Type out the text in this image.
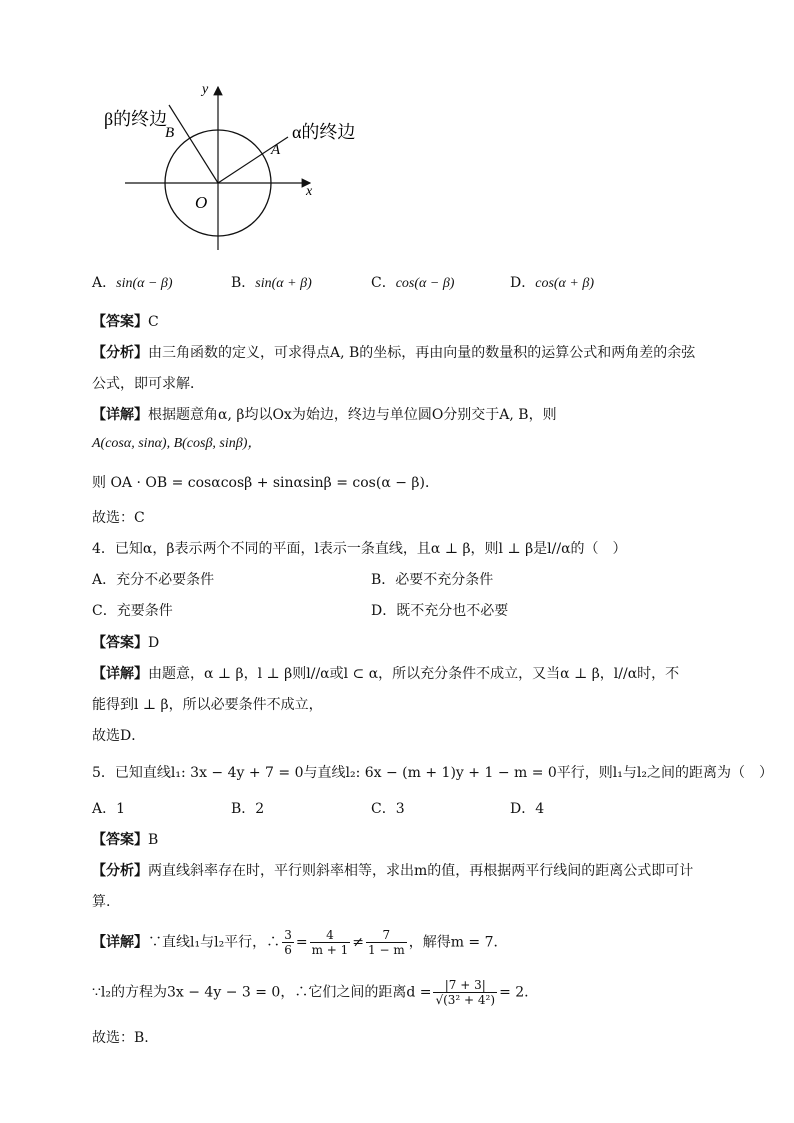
y
x
O
B
A
β的终边
α的终边
A．sin(α − β)	B．sin(α + β)	C．cos(α − β)	D．cos(α + β)
【答案】C
【分析】由三角函数的定义，可求得点A, B的坐标，再由向量的数量积的运算公式和两角差的余弦
公式，即可求解．
【详解】根据题意角α, β均以Ox为始边，终边与单位圆O分别交于A, B，则
A(cosα, sinα), B(cosβ, sinβ)，
则 OA · OB = cosαcosβ + sinαsinβ = cos(α − β)．
故选：C
4．已知α，β表示两个不同的平面，l表示一条直线，且α ⊥ β，则l ⊥ β是l//α的（　）
A．充分不必要条件	B．必要不充分条件
C．充要条件	D．既不充分也不必要
【答案】D
【详解】由题意，α ⊥ β，l ⊥ β则l//α或l ⊂ α，所以充分条件不成立，又当α ⊥ β，l//α时，不
能得到l ⊥ β，所以必要条件不成立，
故选D．
5．已知直线l₁: 3x − 4y + 7 = 0与直线l₂: 6x − (m + 1)y + 1 − m = 0平行，则l₁与l₂之间的距离为（　）
A．1	B．2	C．3	D．4
【答案】B
【分析】两直线斜率存在时，平行则斜率相等，求出m的值，再根据两平行线间的距离公式即可计
算.
【详解】∵直线l₁与l₂平行，∴ $\frac{3}{6} = \frac{4}{m + 1} \ne \frac{7}{1 - m}$ ，解得m = 7．
∵l₂的方程为3x − 4y − 3 = 0，∴它们之间的距离$d = \frac{|7 + 3|}{\text{√(3² + 4²)}} = 2$.
故选：B.
